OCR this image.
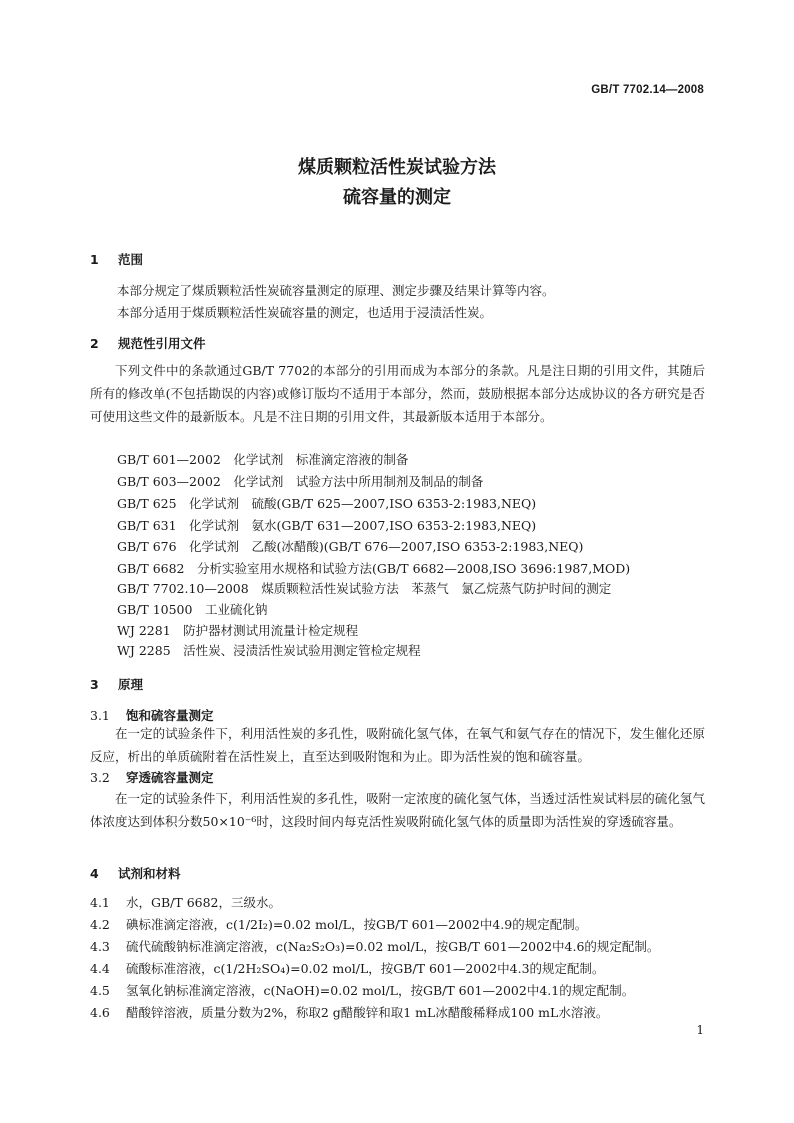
GB/T 7702.14—2008
煤质颗粒活性炭试验方法
硫容量的测定
1 范围
本部分规定了煤质颗粒活性炭硫容量测定的原理、测定步骤及结果计算等内容。
本部分适用于煤质颗粒活性炭硫容量的测定，也适用于浸渍活性炭。
2 规范性引用文件
下列文件中的条款通过GB/T 7702的本部分的引用而成为本部分的条款。凡是注日期的引用文件，其随后所有的修改单(不包括勘误的内容)或修订版均不适用于本部分，然而，鼓励根据本部分达成协议的各方研究是否可使用这些文件的最新版本。凡是不注日期的引用文件，其最新版本适用于本部分。
GB/T 601—2002　化学试剂　标准滴定溶液的制备
GB/T 603—2002　化学试剂　试验方法中所用制剂及制品的制备
GB/T 625　化学试剂　硫酸(GB/T 625—2007,ISO 6353-2:1983,NEQ)
GB/T 631　化学试剂　氨水(GB/T 631—2007,ISO 6353-2:1983,NEQ)
GB/T 676　化学试剂　乙酸(冰醋酸)(GB/T 676—2007,ISO 6353-2:1983,NEQ)
GB/T 6682　分析实验室用水规格和试验方法(GB/T 6682—2008,ISO 3696:1987,MOD)
GB/T 7702.10—2008　煤质颗粒活性炭试验方法　苯蒸气　氯乙烷蒸气防护时间的测定
GB/T 10500　工业硫化钠
WJ 2281　防护器材测试用流量计检定规程
WJ 2285　活性炭、浸渍活性炭试验用测定管检定规程
3 原理
3.1 饱和硫容量测定
在一定的试验条件下，利用活性炭的多孔性，吸附硫化氢气体，在氧气和氨气存在的情况下，发生催化还原反应，析出的单质硫附着在活性炭上，直至达到吸附饱和为止。即为活性炭的饱和硫容量。
3.2 穿透硫容量测定
在一定的试验条件下，利用活性炭的多孔性，吸附一定浓度的硫化氢气体，当透过活性炭试料层的硫化氢气体浓度达到体积分数50×10⁻⁶时，这段时间内每克活性炭吸附硫化氢气体的质量即为活性炭的穿透硫容量。
4 试剂和材料
4.1 水，GB/T 6682，三级水。
4.2 碘标准滴定溶液，c(1/2I₂)=0.02 mol/L，按GB/T 601—2002中4.9的规定配制。
4.3 硫代硫酸钠标准滴定溶液，c(Na₂S₂O₃)=0.02 mol/L，按GB/T 601—2002中4.6的规定配制。
4.4 硫酸标准溶液，c(1/2H₂SO₄)=0.02 mol/L，按GB/T 601—2002中4.3的规定配制。
4.5 氢氧化钠标准滴定溶液，c(NaOH)=0.02 mol/L，按GB/T 601—2002中4.1的规定配制。
4.6 醋酸锌溶液，质量分数为2%，称取2 g醋酸锌和取1 mL冰醋酸稀释成100 mL水溶液。
1
